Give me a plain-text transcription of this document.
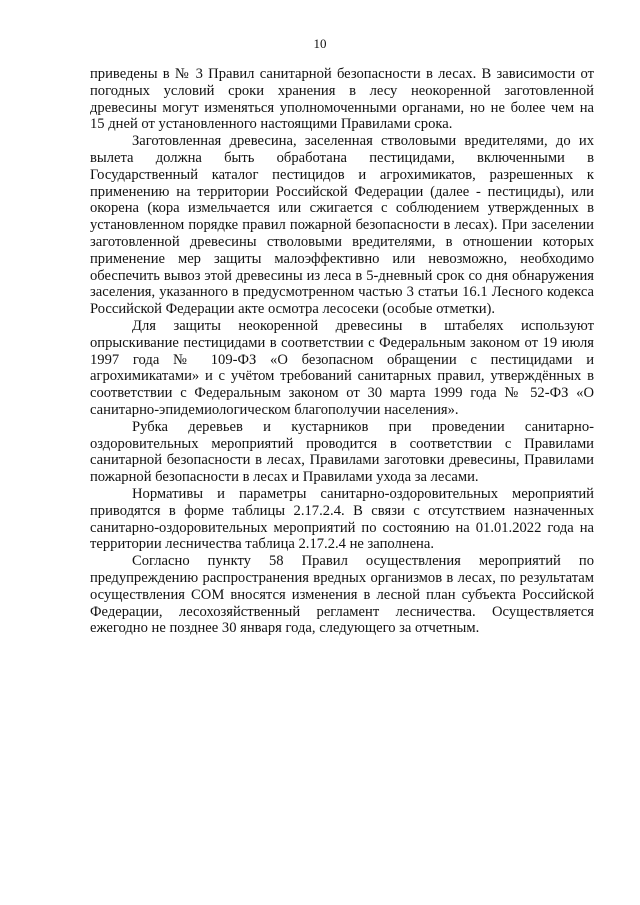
10

приведены в № 3 Правил санитарной безопасности в лесах. В зависимости от погодных условий сроки хранения в лесу неокоренной заготовленной древесины могут изменяться уполномоченными органами, но не более чем на 15 дней от установленного настоящими Правилами срока.

Заготовленная древесина, заселенная стволовыми вредителями, до их вылета должна быть обработана пестицидами, включенными в Государственный каталог пестицидов и агрохимикатов, разрешенных к применению на территории Российской Федерации (далее - пестициды), или окорена (кора измельчается или сжигается с соблюдением утвержденных в установленном порядке правил пожарной безопасности в лесах). При заселении заготовленной древесины стволовыми вредителями, в отношении которых применение мер защиты малоэффективно или невозможно, необходимо обеспечить вывоз этой древесины из леса в 5-дневный срок со дня обнаружения заселения, указанного в предусмотренном частью 3 статьи 16.1 Лесного кодекса Российской Федерации акте осмотра лесосеки (особые отметки).

Для защиты неокоренной древесины в штабелях используют опрыскивание пестицидами в соответствии с Федеральным законом от 19 июля 1997 года № 109-ФЗ «О безопасном обращении с пестицидами и агрохимикатами» и с учётом требований санитарных правил, утверждённых в соответствии с Федеральным законом от 30 марта 1999 года № 52-ФЗ «О санитарно-эпидемиологическом благополучии населения».

Рубка деревьев и кустарников при проведении санитарно-оздоровительных мероприятий проводится в соответствии с Правилами санитарной безопасности в лесах, Правилами заготовки древесины, Правилами пожарной безопасности в лесах и Правилами ухода за лесами.

Нормативы и параметры санитарно-оздоровительных мероприятий приводятся в форме таблицы 2.17.2.4. В связи с отсутствием назначенных санитарно-оздоровительных мероприятий по состоянию на 01.01.2022 года на территории лесничества таблица 2.17.2.4 не заполнена.

Согласно пункту 58 Правил осуществления мероприятий по предупреждению распространения вредных организмов в лесах, по результатам осуществления СОМ вносятся изменения в лесной план субъекта Российской Федерации, лесохозяйственный регламент лесничества. Осуществляется ежегодно не позднее 30 января года, следующего за отчетным.
